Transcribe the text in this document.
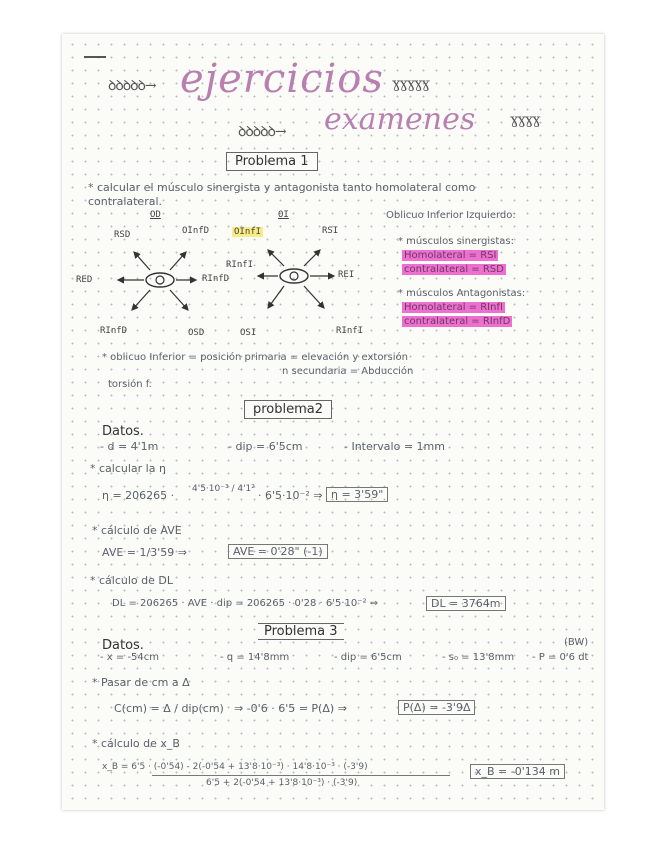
ꝺꝺꝺꝺꝺ→ ejercicios ɣɣɣɣɣ
ꝺꝺꝺꝺꝺ→ examenes ɣɣɣɣ
Problema 1
* calcular el músculo sinergista y antagonista tanto homolateral como
contralateral.
OD	OI
RSD	OInfD	OInfI	RSI
RInfI
RED	RInfD	REI
RInfD	OSD	OSI	RInfI
Oblicuo Inferior Izquierdo:
* músculos sinergistas:
Homolateral = RSI
contralateral = RSD
* músculos Antagonistas:
Homolateral = RInfI
contralateral = RInfD
* oblicuo Inferior = posición primaria = elevación y extorsión
n secundaria = Abducción
torsión f.
problema2
Datos.
- d = 4'1m	- dip = 6'5cm	- Intervalo = 1mm
* calcular la η
η = 206265 · 4'5·10⁻³ / 4'1² · 6'5·10⁻² ⇒ η = 3'59"
* cálculo de AVE
AVE = 1/3'59 ⇒	AVE = 0'28" (-1)
* cálculo de DL
DL = 206265 · AVE · dip = 206265 · 0'28 · 6'5·10⁻² ⇒	DL = 3764m
Problema 3
Datos.	(BW)
- x = -54cm	- q = 14'8mm	- dip = 6'5cm	- s₀ = 13'8mm - P = 0'6 dt
* Pasar de cm a Δ
C(cm) = Δ / dip(cm) ⇒ -0'6 · 6'5 = P(Δ) ⇒	P(Δ) = -3'9Δ
* cálculo de x_B
x_B = 6'5 · (-0'54) - 2(-0'54 + 13'8·10⁻³) · 14'8·10⁻³ · (-3'9)
6'5 + 2(-0'54 + 13'8·10⁻³) · (-3'9)
x_B = -0'134 m
